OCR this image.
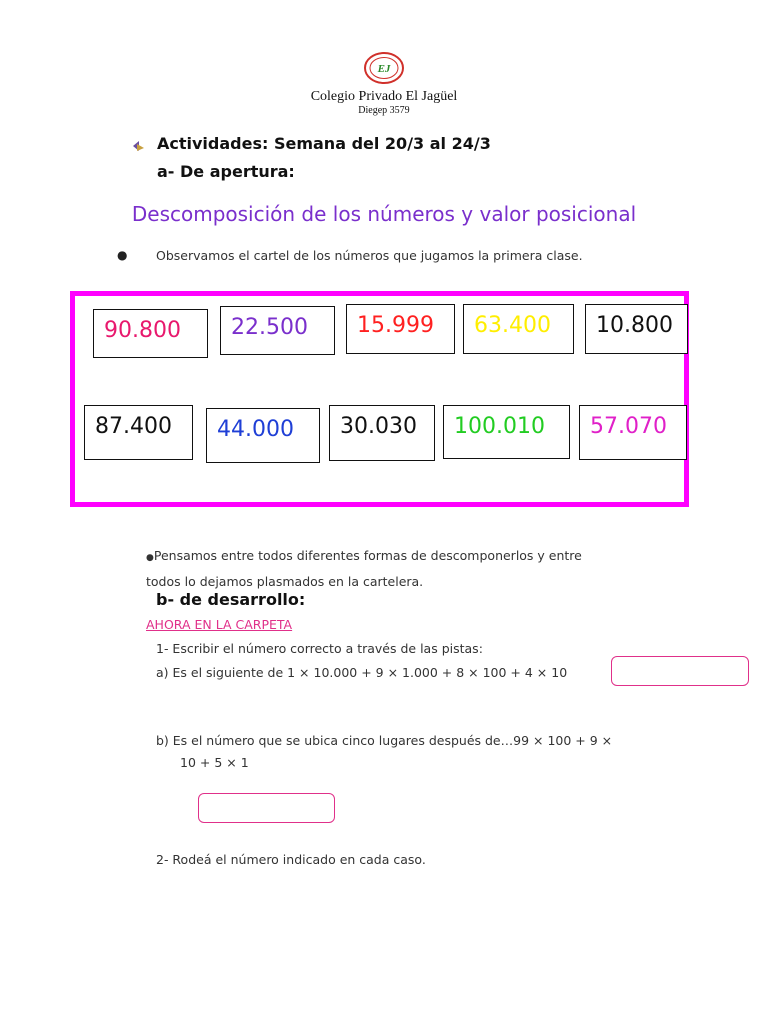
EJ
Colegio Privado El Jagüel
Diegep 3579
Actividades: Semana del 20/3 al 24/3
a- De apertura:
Descomposición de los números y valor posicional
● Observamos el cartel de los números que jugamos la primera clase.
90.800 22.500 15.999 63.400 10.800
87.400 44.000 30.030 100.010 57.070
●Pensamos entre todos diferentes formas de descomponerlos y entre
todos lo dejamos plasmados en la cartelera.
b- de desarrollo:
AHORA EN LA CARPETA
1- Escribir el número correcto a través de las pistas:
a) Es el siguiente de 1 × 10.000 + 9 × 1.000 + 8 × 100 + 4 × 10
b) Es el número que se ubica cinco lugares después de…99 × 100 + 9 ×
10 + 5 × 1
2- Rodeá el número indicado en cada caso.
